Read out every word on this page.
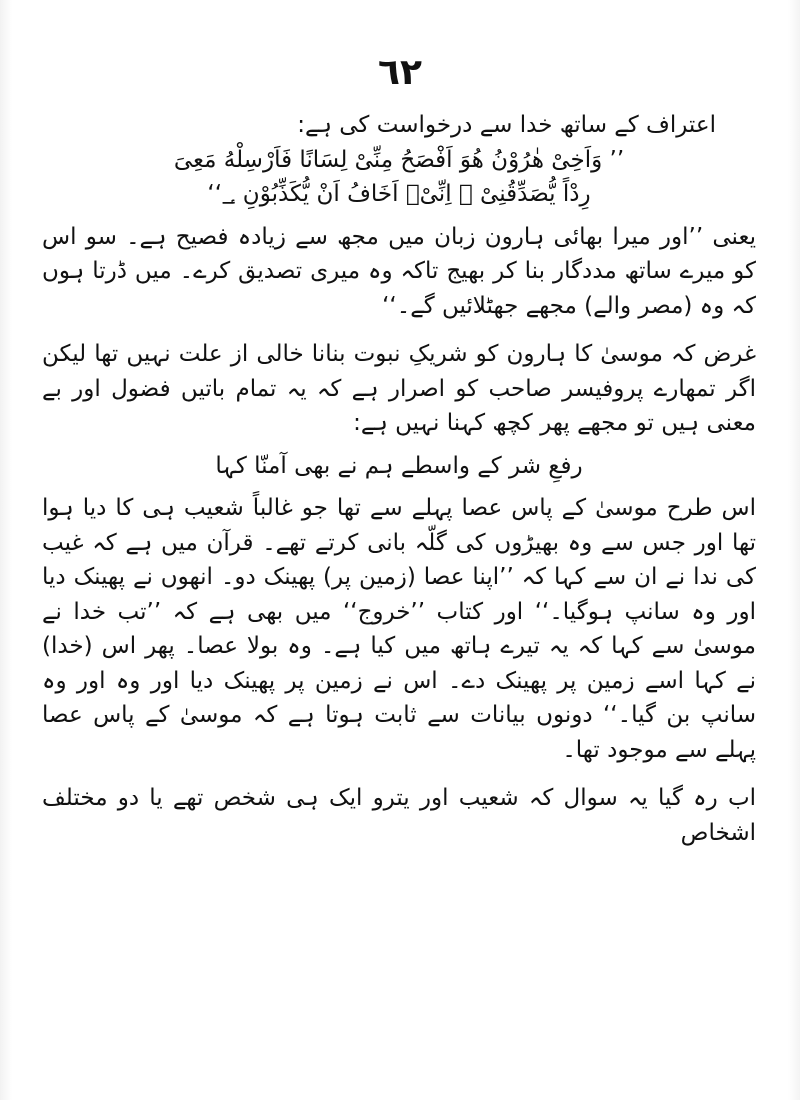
٦٢

اعتراف کے ساتھ خدا سے درخواست کی ہے:

’’ وَاَخِیْ ھٰرُوْنُ ھُوَ اَفْصَحُ مِنِّیْ لِسَانًا فَاَرْسِلْهُ مَعِیَ

رِدْاً یُّصَدِّقُنِیْ ۤ اِنِّیْۤ اَخَافُ اَنْ یُّکَذِّبُوْنِ ؀‘‘

یعنی ’’اور میرا بھائی ہارون زبان میں مجھ سے زیادہ فصیح ہے۔ سو اس کو میرے ساتھ مددگار بنا کر بھیج تاکہ وہ میری تصدیق کرے۔ میں ڈرتا ہوں کہ وہ (مصر والے) مجھے جھٹلائیں گے۔‘‘

غرض کہ موسیٰ کا ہارون کو شریکِ نبوت بنانا خالی از علت نہیں تھا لیکن اگر تمھارے پروفیسر صاحب کو اصرار ہے کہ یہ تمام باتیں فضول اور بے معنی ہیں تو مجھے پھر کچھ کہنا نہیں ہے:

رفعِ شر کے واسطے ہم نے بھی آمنّا کہا

اس طرح موسیٰ کے پاس عصا پہلے سے تھا جو غالباً شعیب ہی کا دیا ہوا تھا اور جس سے وہ بھیڑوں کی گلّہ بانی کرتے تھے۔ قرآن میں ہے کہ غیب کی ندا نے ان سے کہا کہ ’’اپنا عصا (زمین پر) پھینک دو۔ انھوں نے پھینک دیا اور وہ سانپ ہوگیا۔‘‘ اور کتاب ’’خروج‘‘ میں بھی ہے کہ ’’تب خدا نے موسیٰ سے کہا کہ یہ تیرے ہاتھ میں کیا ہے۔ وہ بولا عصا۔ پھر اس (خدا) نے کہا اسے زمین پر پھینک دے۔ اس نے زمین پر پھینک دیا اور وہ اور وہ سانپ بن گیا۔‘‘ دونوں بیانات سے ثابت ہوتا ہے کہ موسیٰ کے پاس عصا پہلے سے موجود تھا۔

اب رہ گیا یہ سوال کہ شعیب اور یترو ایک ہی شخص تھے یا دو مختلف اشخاص
